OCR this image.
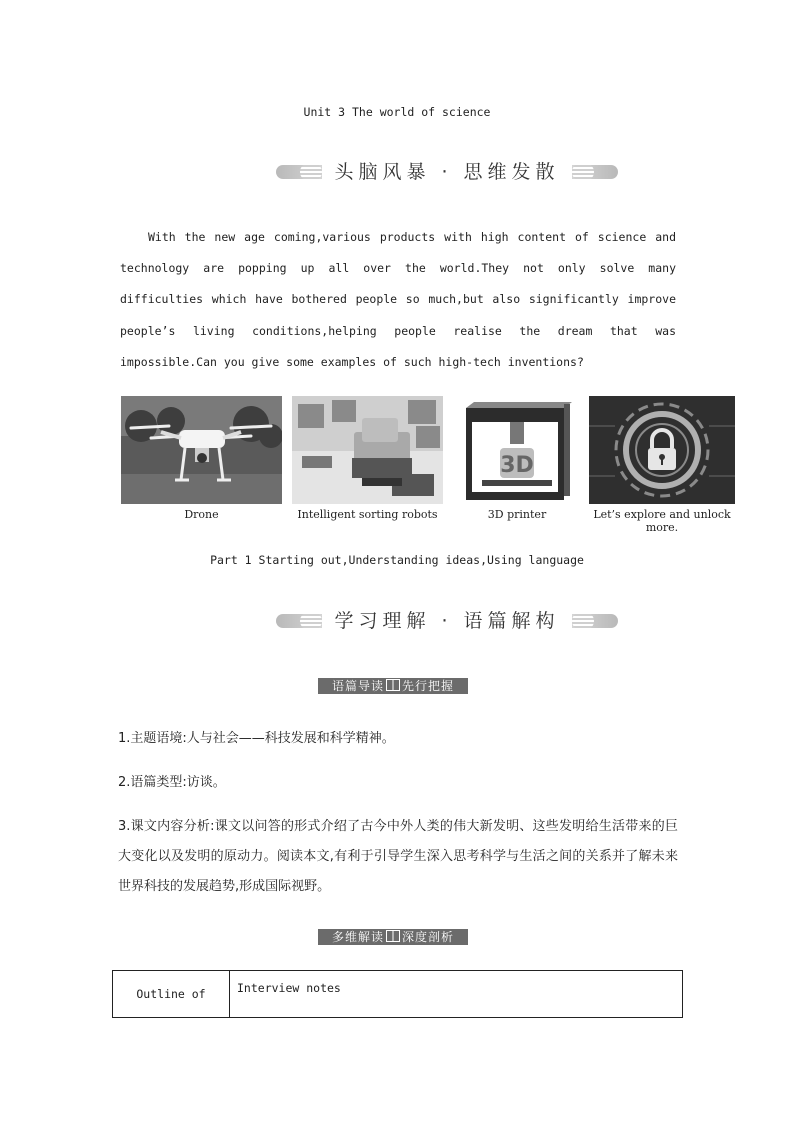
Unit 3 The world of science
头脑风暴 · 思维发散

With the new age coming,various products with high content of science and technology are popping up all over the world.They not only solve many difficulties which have bothered people so much,but also significantly improve people’s living conditions,helping people realise the dream that was impossible.Can you give some examples of such high-tech inventions?

3D
Drone	Intelligent sorting robots	3D printer	Let’s explore and unlock more.
Part 1 Starting out,Understanding ideas,Using language
学习理解 · 语篇解构
语篇导读 先行把握
1.主题语境:人与社会——科技发展和科学精神。
2.语篇类型:访谈。
3.课文内容分析:课文以问答的形式介绍了古今中外人类的伟大新发明、这些发明给生活带来的巨大变化以及发明的原动力。阅读本文,有利于引导学生深入思考科学与生活之间的关系并了解未来世界科技的发展趋势,形成国际视野。
多维解读 深度剖析
Outline of	Interview notes
